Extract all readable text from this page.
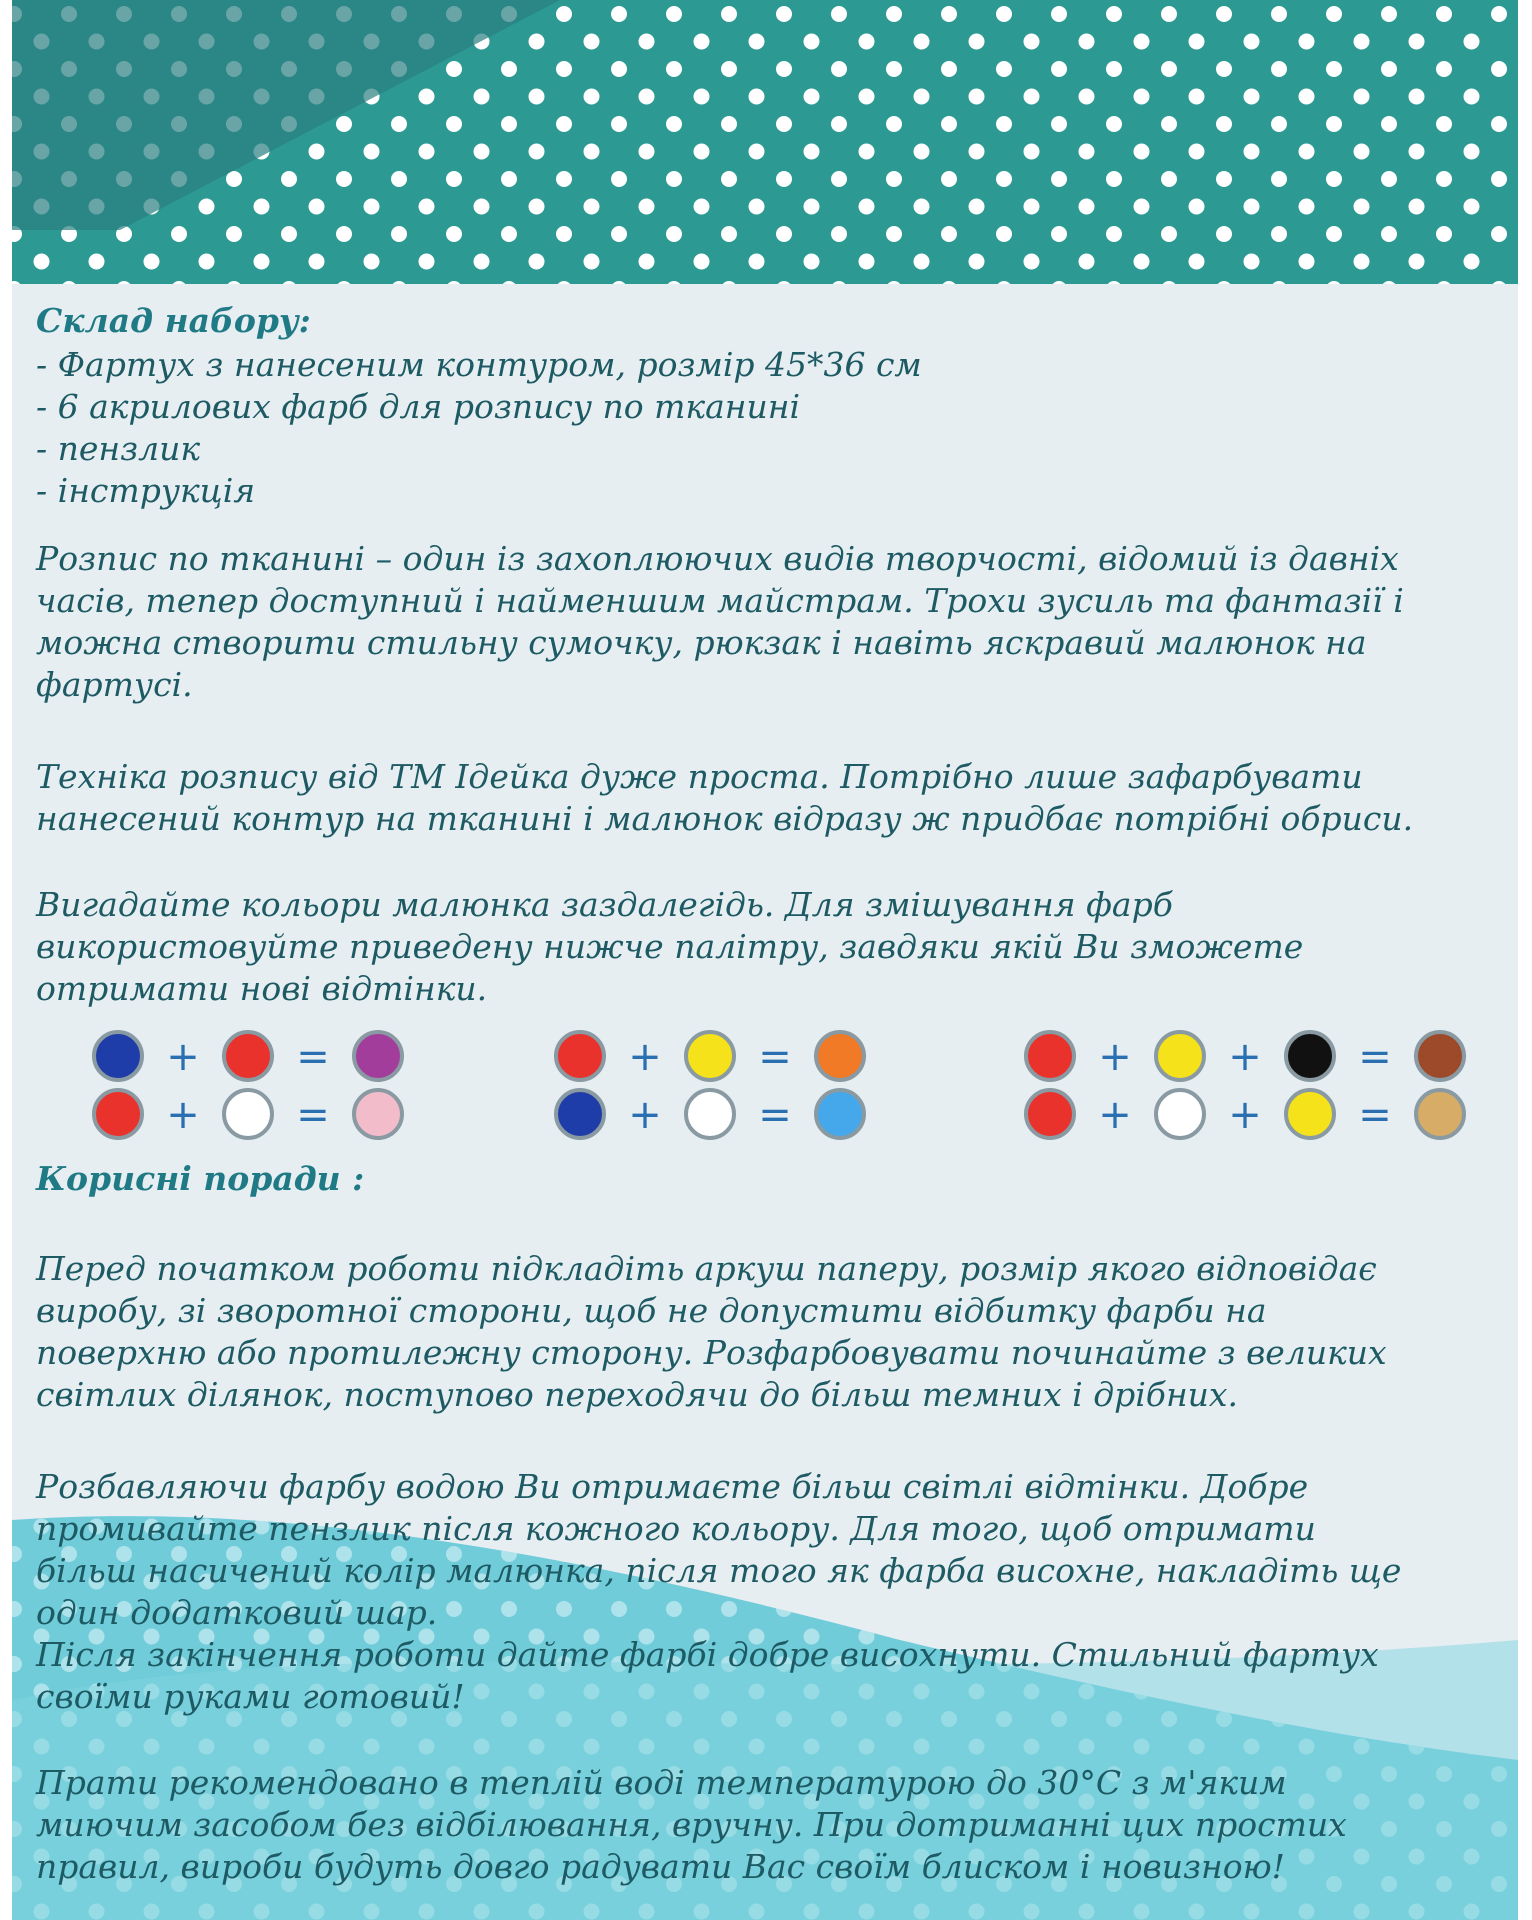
Склад набору:
- Фартух з нанесеним контуром, розмір 45*36 см
- 6 акрилових фарб для розпису по тканині
- пензлик
- інструкція
Розпис по тканині – один із захоплюючих видів творчості, відомий із давніх
часів, тепер доступний і найменшим майстрам. Трохи зусиль та фантазії і
можна створити стильну сумочку, рюкзак і навіть яскравий малюнок на
фартусі.
Техніка розпису від ТМ Ідейка дуже проста. Потрібно лише зафарбувати
нанесений контур на тканині і малюнок відразу ж придбає потрібні обриси.
Вигадайте кольори малюнка заздалегідь. Для змішування фарб
використовуйте приведену нижче палітру, завдяки якій Ви зможете
отримати нові відтінки.
+ =
+ =
+ =
+ =
+ + =
+ + =
Корисні поради :
Перед початком роботи підкладіть аркуш паперу, розмір якого відповідає
виробу, зі зворотної сторони, щоб не допустити відбитку фарби на
поверхню або протилежну сторону. Розфарбовувати починайте з великих
світлих ділянок, поступово переходячи до більш темних і дрібних.
Розбавляючи фарбу водою Ви отримаєте більш світлі відтінки. Добре
промивайте пензлик після кожного кольору. Для того, щоб отримати
більш насичений колір малюнка, після того як фарба висохне, накладіть ще
один додатковий шар.
Після закінчення роботи дайте фарбі добре висохнути. Стильний фартух
своїми руками готовий!
Прати рекомендовано в теплій воді температурою до 30°С з м'яким
миючим засобом без відбілювання, вручну. При дотриманні цих простих
правил, вироби будуть довго радувати Вас своїм блиском і новизною!
